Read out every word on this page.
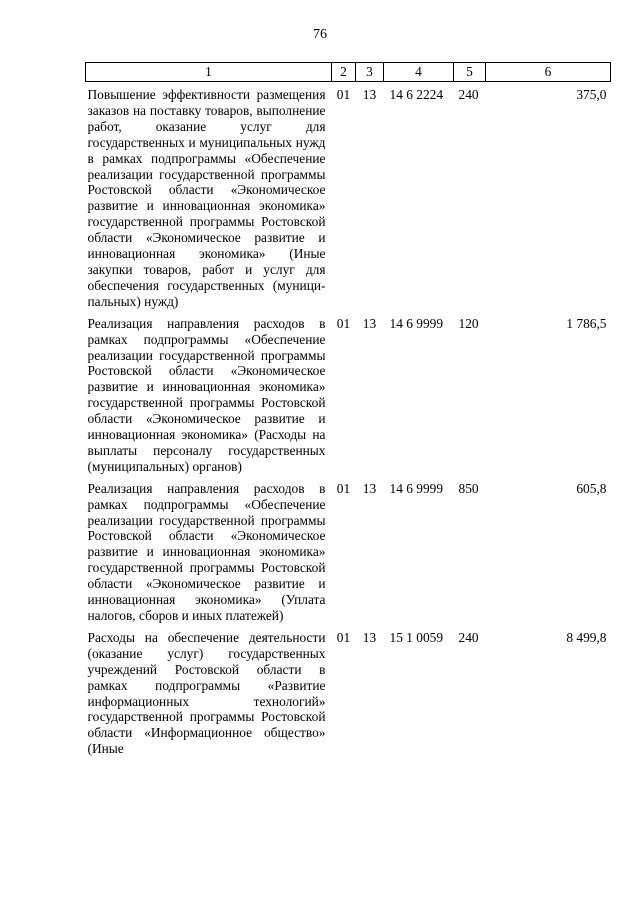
76
1	2	3	4	5	6
Повышение эффективности размещения заказов на поставку товаров, выполнение работ, оказание услуг для государственных и муниципальных нужд в рамках подпрограммы «Обеспечение реализации государственной программы Ростовской области «Экономическое развитие и инновационная экономика» государственной программы Ростовской области «Экономическое развитие и инновационная экономика» (Иные закупки товаров, работ и услуг для обеспечения государственных (муниципальных) нужд)	01	13	14 6 2224	240	375,0
Реализация направления расходов в рамках подпрограммы «Обеспечение реализации государственной программы Ростовской области «Экономическое развитие и инновационная экономика» государственной программы Ростовской области «Экономическое развитие и инновационная экономика» (Расходы на выплаты персоналу государственных (муниципальных) органов)	01	13	14 6 9999	120	1 786,5
Реализация направления расходов в рамках подпрограммы «Обеспечение реализации государственной программы Ростовской области «Экономическое развитие и инновационная экономика» государственной программы Ростовской области «Экономическое развитие и инновационная экономика» (Уплата налогов, сборов и иных платежей)	01	13	14 6 9999	850	605,8
Расходы на обеспечение деятельности (оказание услуг) государственных учреждений Ростовской области в рамках подпрограммы «Развитие информационных технологий» государственной программы Ростовской области «Информационное общество» (Иные	01	13	15 1 0059	240	8 499,8
